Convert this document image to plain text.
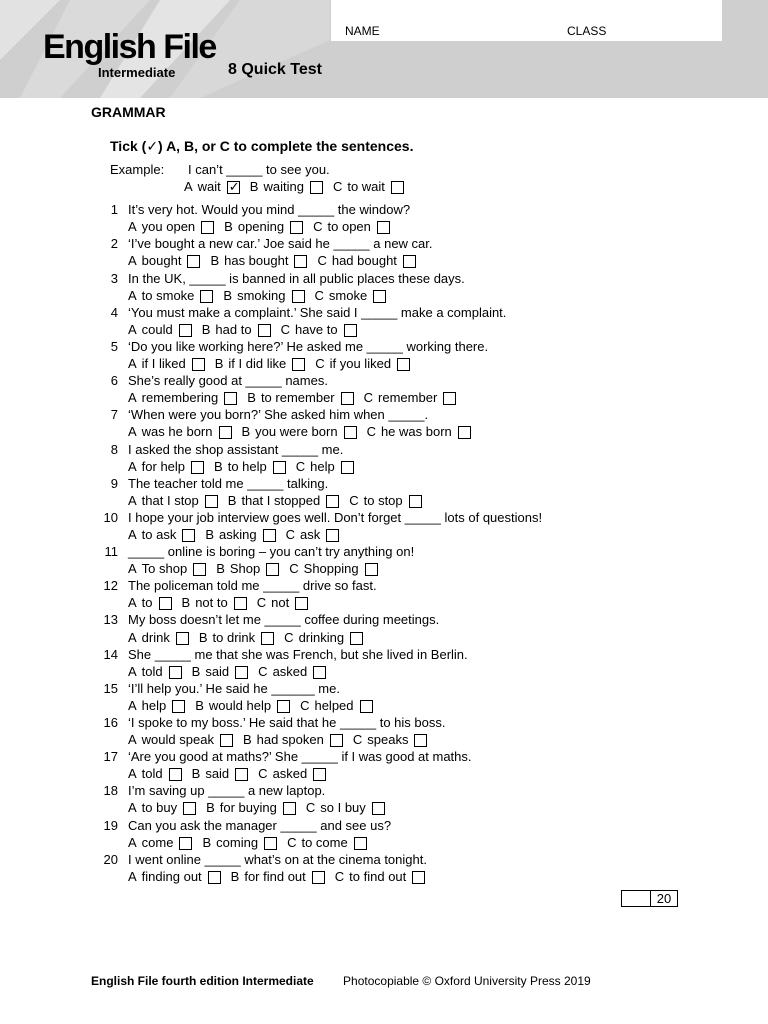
NAME	CLASS
English File
Intermediate	8 Quick Test
GRAMMAR
Tick (✓) A, B, or C to complete the sentences.
Example: I can’t _____ to see you.
A wait✓ B waiting C to wait
1 It’s very hot. Would you mind _____ the window?
A you open B opening C to open
2 ‘I’ve bought a new car.’ Joe said he _____ a new car.
A bought B has bought C had bought
3 In the UK, _____ is banned in all public places these days.
A to smoke B smoking C smoke
4 ‘You must make a complaint.’ She said I _____ make a complaint.
A could B had to C have to
5 ‘Do you like working here?’ He asked me _____ working there.
A if I liked B if I did like C if you liked
6 She’s really good at _____ names.
A remembering B to remember C remember
7 ‘When were you born?’ She asked him when _____.
A was he born B you were born C he was born
8 I asked the shop assistant _____ me.
A for help B to help C help
9 The teacher told me _____ talking.
A that I stop B that I stopped C to stop
10 I hope your job interview goes well. Don’t forget _____ lots of questions!
A to ask B asking C ask
11 _____ online is boring – you can’t try anything on!
A To shop B Shop C Shopping
12 The policeman told me _____ drive so fast.
A to B not to C not
13 My boss doesn’t let me _____ coffee during meetings.
A drink B to drink C drinking
14 She _____ me that she was French, but she lived in Berlin.
A told B said C asked
15 ‘I’ll help you.’ He said he ______ me.
A help B would help C helped
16 ‘I spoke to my boss.’ He said that he _____ to his boss.
A would speak B had spoken C speaks
17 ‘Are you good at maths?’ She _____ if I was good at maths.
A told B said C asked
18 I’m saving up _____ a new laptop.
A to buy B for buying C so I buy
19 Can you ask the manager _____ and see us?
A come B coming C to come
20 I went online _____ what’s on at the cinema tonight.
A finding out B for find out C to find out
20
English File fourth edition Intermediate Photocopiable © Oxford University Press 2019
